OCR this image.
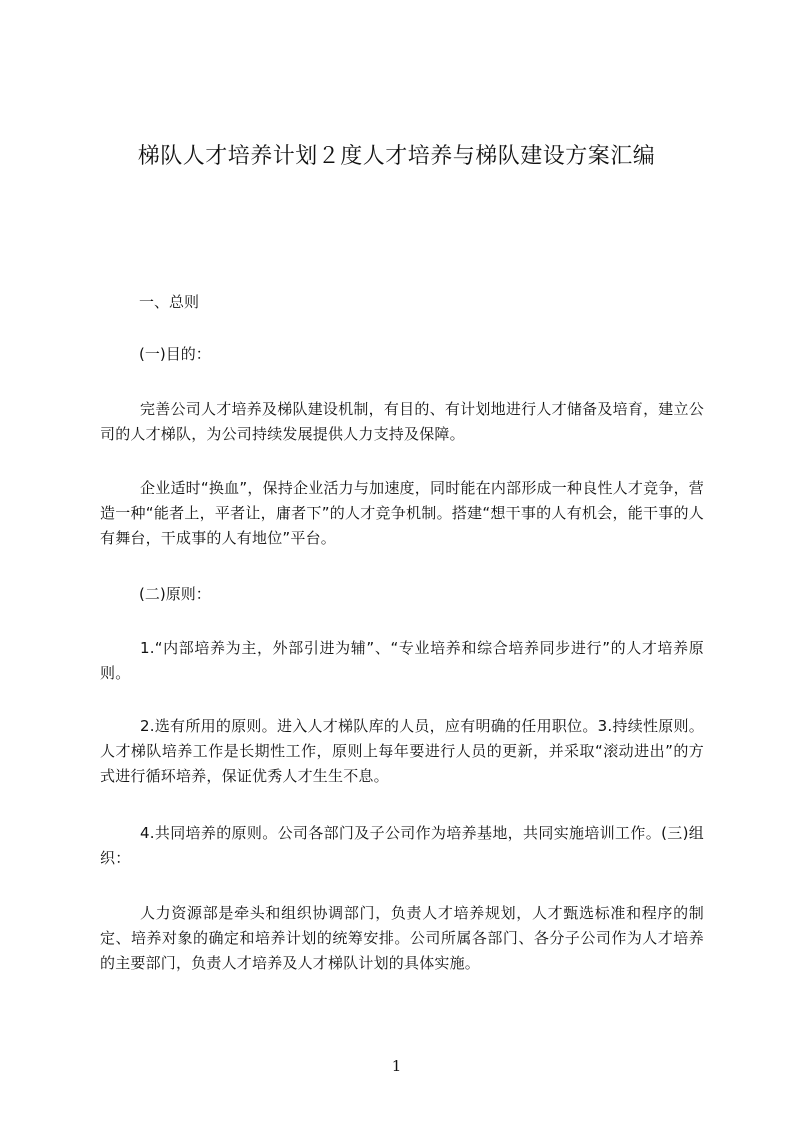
梯队人才培养计划２度人才培养与梯队建设方案汇编
一、总则
(一)目的：
完善公司人才培养及梯队建设机制，有目的、有计划地进行人才储备及培育，建立公司的人才梯队，为公司持续发展提供人力支持及保障。
企业适时“换血”，保持企业活力与加速度，同时能在内部形成一种良性人才竞争，营造一种“能者上，平者让，庸者下”的人才竞争机制。搭建“想干事的人有机会，能干事的人有舞台，干成事的人有地位”平台。
(二)原则：
1.“内部培养为主，外部引进为辅”、“专业培养和综合培养同步进行”的人才培养原则。
2.选有所用的原则。进入人才梯队库的人员，应有明确的任用职位。3.持续性原则。人才梯队培养工作是长期性工作，原则上每年要进行人员的更新，并采取“滚动进出”的方式进行循环培养，保证优秀人才生生不息。
4.共同培养的原则。公司各部门及子公司作为培养基地，共同实施培训工作。(三)组织：
人力资源部是牵头和组织协调部门，负责人才培养规划，人才甄选标准和程序的制定、培养对象的确定和培养计划的统筹安排。公司所属各部门、各分子公司作为人才培养的主要部门，负责人才培养及人才梯队计划的具体实施。
1
